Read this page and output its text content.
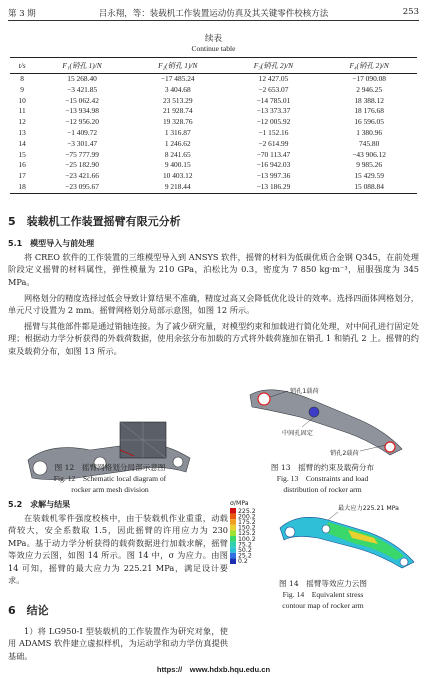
第 3 期	吕永翔，等：装载机工作装置运动仿真及其关键零件校核方法	253
续表
Continue table
t/s	F₁(销孔 1)/N	F₂(销孔 1)/N	F₃(销孔 2)/N	F₄(销孔 2)/N
8	15 268.40	−17 485.24	12 427.05	−17 090.08
9	−3 421.85	3 404.68	−2 653.07	2 946.25
10	−15 062.42	23 513.29	−14 785.01	18 388.12
11	−13 934.98	21 928.74	−13 373.37	18 176.68
12	−12 956.20	19 328.76	−12 005.92	16 596.05
13	−1 409.72	1 316.87	−1 152.16	1 380.96
14	−3 301.47	1 246.62	−2 614.99	745.80
15	−75 777.99	8 241.65	−70 113.47	−43 906.12
16	−25 182.90	9 400.15	−16 942.03	9 985.26
17	−23 421.66	10 403.12	−13 997.36	15 429.59
18	−23 095.67	9 218.44	−13 186.29	15 088.84
5　装载机工作装置摇臂有限元分析
5.1　模型导入与前处理
将 CREO 软件的工作装置的三维模型导入到 ANSYS 软件，摇臂的材料为低碳优质合金钢 Q345，在前处理阶段定义摇臂的材料属性，弹性模量为 210 GPa，泊松比为 0.3，密度为 7 850 kg·m⁻³，屈服强度为 345 MPa。
网格划分的精度选择过低会导致计算结果不准确，精度过高又会降低优化设计的效率。选择四面体网格划分，单元尺寸设置为 2 mm。摇臂网格划分局部示意图，如图 12 所示。
摇臂与其他部件都是通过销轴连接。为了减少研究量，对模型约束和加载进行简化处理，对中间孔进行固定处理；根据动力学分析获得的外载荷数据，使用余弦分布加载的方式将外载荷施加在销孔 1 和销孔 2 上。摇臂的约束及载荷分布，如图 13 所示。
图 12　摇臂网格划分局部示意图
Fig. 12　Schematic local diagram of
rocker arm mesh division
销孔1载荷
中间孔固定
销孔2载荷
图 13　摇臂的约束及载荷分布
Fig. 13　Constraints and load
distribution of rocker arm
5.2　求解与结果
在装载机零件强度校核中，由于装载机作业重重，动载荷较大，安全系数取 1.5，因此摇臂的许用应力为 230 MPa。基于动力学分析获得的载荷数据进行加载求解，摇臂等效应力云图，如图 14 所示。图 14 中，σ 为应力。由图 14 可知，摇臂的最大应力为 225.21 MPa，满足设计要求。
σ/MPa
225.2
200.2
175.2
150.2
125.2
100.2
75.2
50.2
25.2
0.2
最大应力225.21 MPa
图 14　摇臂等效应力云图
Fig. 14　Equivalent stress
contour map of rocker arm
6　结论
1）将 LG950-Ⅰ 型装载机的工作装置作为研究对象，使用 ADAMS 软件建立虚拟样机，为运动学和动力学仿真提供基础。
https://　www.hdxb.hqu.edu.cn
